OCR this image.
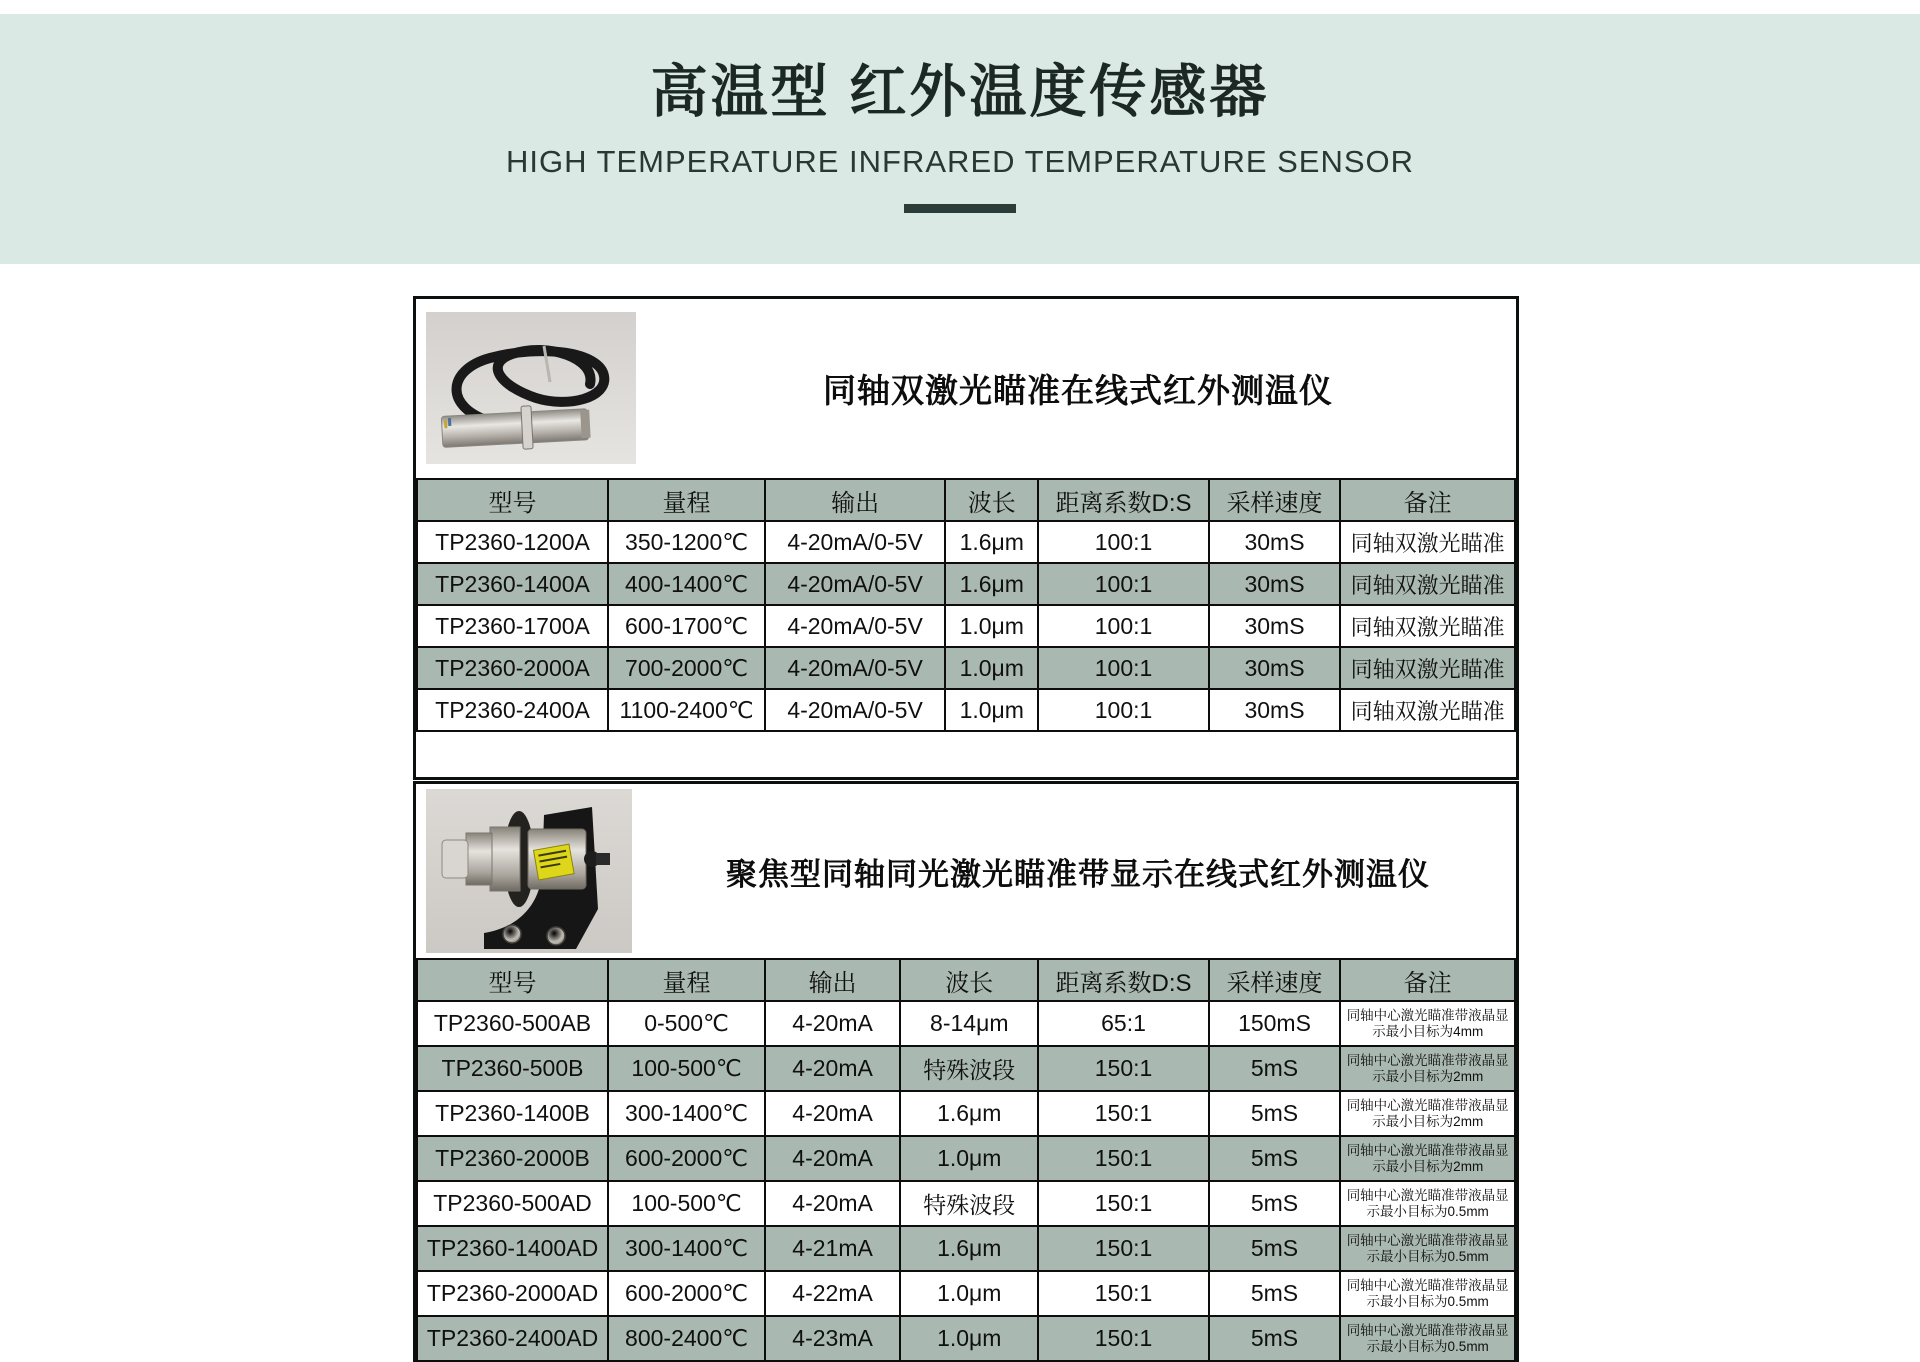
高温型 红外温度传感器
HIGH TEMPERATURE INFRARED TEMPERATURE SENSOR
同轴双激光瞄准在线式红外测温仪
型号	量程	输出	波长	距离系数D:S	采样速度	备注
TP2360-1200A	350-1200℃	4-20mA/0-5V	1.6μm	100:1	30mS	同轴双激光瞄准
TP2360-1400A	400-1400℃	4-20mA/0-5V	1.6μm	100:1	30mS	同轴双激光瞄准
TP2360-1700A	600-1700℃	4-20mA/0-5V	1.0μm	100:1	30mS	同轴双激光瞄准
TP2360-2000A	700-2000℃	4-20mA/0-5V	1.0μm	100:1	30mS	同轴双激光瞄准
TP2360-2400A	1100-2400℃	4-20mA/0-5V	1.0μm	100:1	30mS	同轴双激光瞄准
聚焦型同轴同光激光瞄准带显示在线式红外测温仪
型号	量程	输出	波长	距离系数D:S	采样速度	备注
TP2360-500AB	0-500℃	4-20mA	8-14μm	65:1	150mS	同轴中心激光瞄准带液晶显示最小目标为4mm
TP2360-500B	100-500℃	4-20mA	特殊波段	150:1	5mS	同轴中心激光瞄准带液晶显示最小目标为2mm
TP2360-1400B	300-1400℃	4-20mA	1.6μm	150:1	5mS	同轴中心激光瞄准带液晶显示最小目标为2mm
TP2360-2000B	600-2000℃	4-20mA	1.0μm	150:1	5mS	同轴中心激光瞄准带液晶显示最小目标为2mm
TP2360-500AD	100-500℃	4-20mA	特殊波段	150:1	5mS	同轴中心激光瞄准带液晶显示最小目标为0.5mm
TP2360-1400AD	300-1400℃	4-21mA	1.6μm	150:1	5mS	同轴中心激光瞄准带液晶显示最小目标为0.5mm
TP2360-2000AD	600-2000℃	4-22mA	1.0μm	150:1	5mS	同轴中心激光瞄准带液晶显示最小目标为0.5mm
TP2360-2400AD	800-2400℃	4-23mA	1.0μm	150:1	5mS	同轴中心激光瞄准带液晶显示最小目标为0.5mm
